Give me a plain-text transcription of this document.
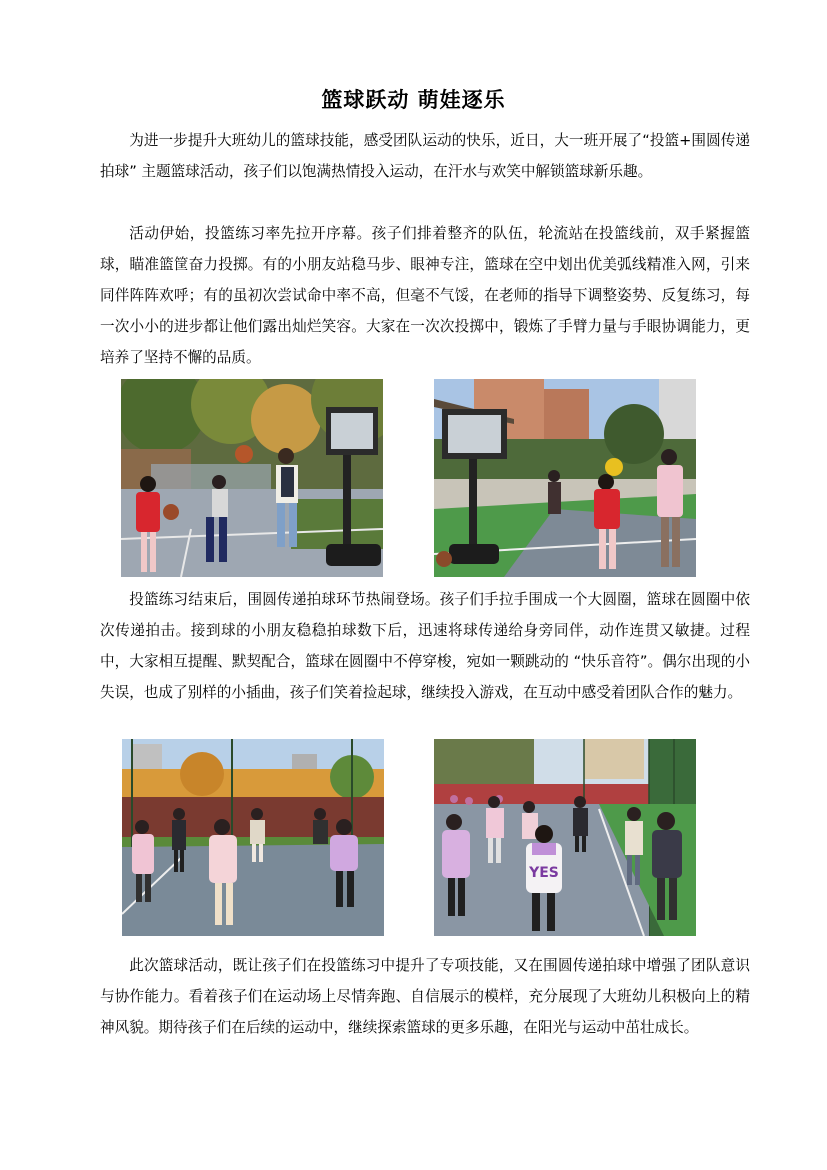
篮球跃动 萌娃逐乐

为进一步提升大班幼儿的篮球技能，感受团队运动的快乐，近日，大一班开展了“投篮+围圆传递拍球” 主题篮球活动，孩子们以饱满热情投入运动，在汗水与欢笑中解锁篮球新乐趣。

活动伊始，投篮练习率先拉开序幕。孩子们排着整齐的队伍，轮流站在投篮线前，双手紧握篮球，瞄准篮筐奋力投掷。有的小朋友站稳马步、眼神专注，篮球在空中划出优美弧线精准入网，引来同伴阵阵欢呼；有的虽初次尝试命中率不高，但毫不气馁，在老师的指导下调整姿势、反复练习，每一次小小的进步都让他们露出灿烂笑容。大家在一次次投掷中，锻炼了手臂力量与手眼协调能力，更培养了坚持不懈的品质。

投篮练习结束后，围圆传递拍球环节热闹登场。孩子们手拉手围成一个大圆圈，篮球在圆圈中依次传递拍击。接到球的小朋友稳稳拍球数下后，迅速将球传递给身旁同伴，动作连贯又敏捷。过程中，大家相互提醒、默契配合，篮球在圆圈中不停穿梭，宛如一颗跳动的 “快乐音符”。偶尔出现的小失误，也成了别样的小插曲，孩子们笑着捡起球，继续投入游戏，在互动中感受着团队合作的魅力。

YES

此次篮球活动，既让孩子们在投篮练习中提升了专项技能，又在围圆传递拍球中增强了团队意识与协作能力。看着孩子们在运动场上尽情奔跑、自信展示的模样，充分展现了大班幼儿积极向上的精神风貌。期待孩子们在后续的运动中，继续探索篮球的更多乐趣，在阳光与运动中茁壮成长。
